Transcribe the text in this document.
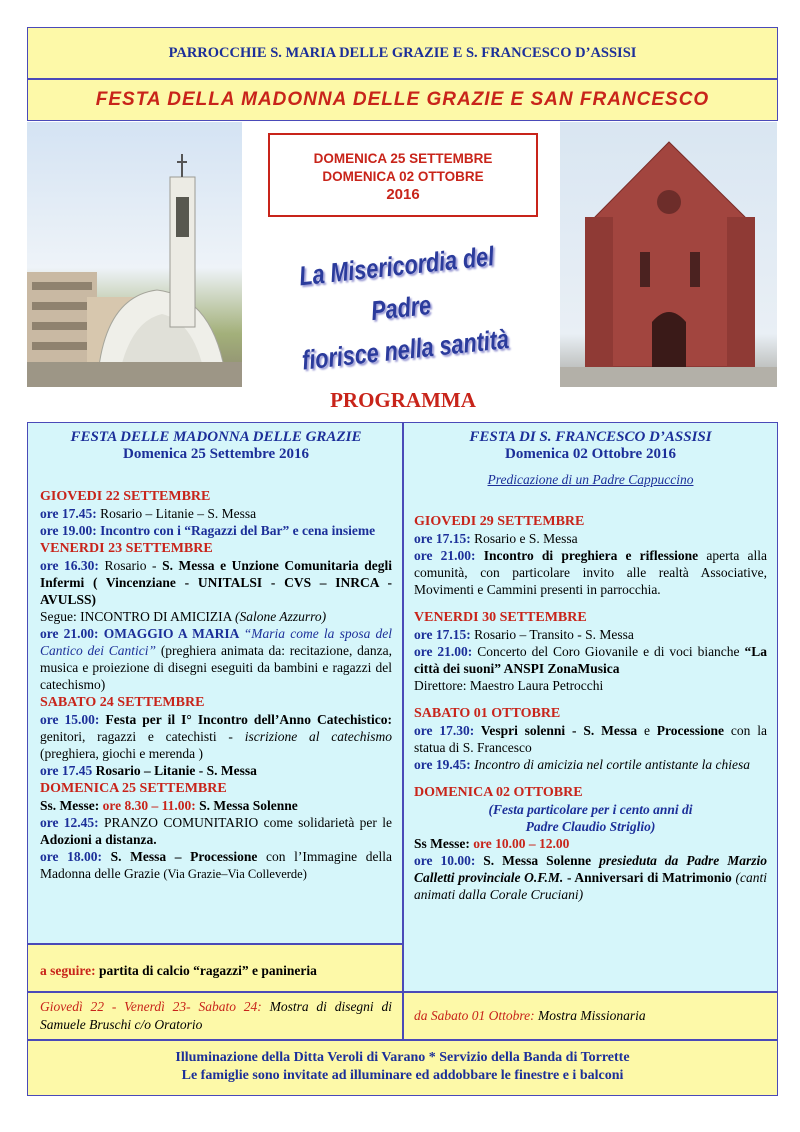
PARROCCHIE S. MARIA DELLE GRAZIE E S. FRANCESCO D’ASSISI
FESTA DELLA MADONNA DELLE GRAZIE E SAN FRANCESCO
DOMENICA 25 SETTEMBRE
DOMENICA 02 OTTOBRE
2016
La Misericordia del Padre
fiorisce nella santità
PROGRAMMA
FESTA DELLE MADONNA DELLE GRAZIE
Domenica 25 Settembre 2016
GIOVEDI 22 SETTEMBRE

ore 17.45: Rosario – Litanie – S. Messa

ore 19.00: Incontro con i “Ragazzi del Bar” e cena insieme

VENERDI 23 SETTEMBRE

ore 16.30: Rosario - S. Messa e Unzione Comunitaria degli Infermi ( Vincenziane - UNITALSI - CVS – INRCA - AVULSS)

Segue: INCONTRO DI AMICIZIA (Salone Azzurro)

ore 21.00: OMAGGIO A MARIA “Maria come la sposa del Cantico dei Cantici” (preghiera animata da: recitazione, danza, musica e proiezione di disegni eseguiti da bambini e ragazzi del catechismo)

SABATO 24 SETTEMBRE

ore 15.00: Festa per il I° Incontro dell’Anno Catechistico: genitori, ragazzi e catechisti - iscrizione al catechismo (preghiera, giochi e merenda )

ore 17.45 Rosario – Litanie - S. Messa

DOMENICA 25 SETTEMBRE

Ss. Messe: ore 8.30 – 11.00: S. Messa Solenne

ore 12.45: PRANZO COMUNITARIO come solidarietà per le Adozioni a distanza.

ore 18.00: S. Messa – Processione con l’Immagine della Madonna delle Grazie (Via Grazie–Via Colleverde)

a seguire: partita di calcio “ragazzi” e panineria
FESTA DI S. FRANCESCO D’ASSISI
Domenica 02 Ottobre 2016
Predicazione di un Padre Cappuccino
GIOVEDI 29 SETTEMBRE

ore 17.15: Rosario e S. Messa

ore 21.00: Incontro di preghiera e riflessione aperta alla comunità, con particolare invito alle realtà Associative, Movimenti e Cammini presenti in parrocchia.

VENERDI 30 SETTEMBRE

ore 17.15: Rosario – Transito - S. Messa

ore 21.00: Concerto del Coro Giovanile e di voci bianche “La città dei suoni” ANSPI ZonaMusica

Direttore: Maestro Laura Petrocchi

SABATO 01 OTTOBRE

ore 17.30: Vespri solenni - S. Messa e Processione con la statua di S. Francesco

ore 19.45: Incontro di amicizia nel cortile antistante la chiesa

DOMENICA 02 OTTOBRE
(Festa particolare per i cento anni di
Padre Claudio Striglio)

Ss Messe: ore 10.00 – 12.00

ore 10.00: S. Messa Solenne presieduta da Padre Marzio Calletti provinciale O.F.M. - Anniversari di Matrimonio (canti animati dalla Corale Cruciani)

Giovedì 22 - Venerdì 23- Sabato 24: Mostra di disegni di Samuele Bruschi c/o Oratorio
da Sabato 01 Ottobre: Mostra Missionaria
Illuminazione della Ditta Veroli di Varano * Servizio della Banda di Torrette
Le famiglie sono invitate ad illuminare ed addobbare le finestre e i balconi
